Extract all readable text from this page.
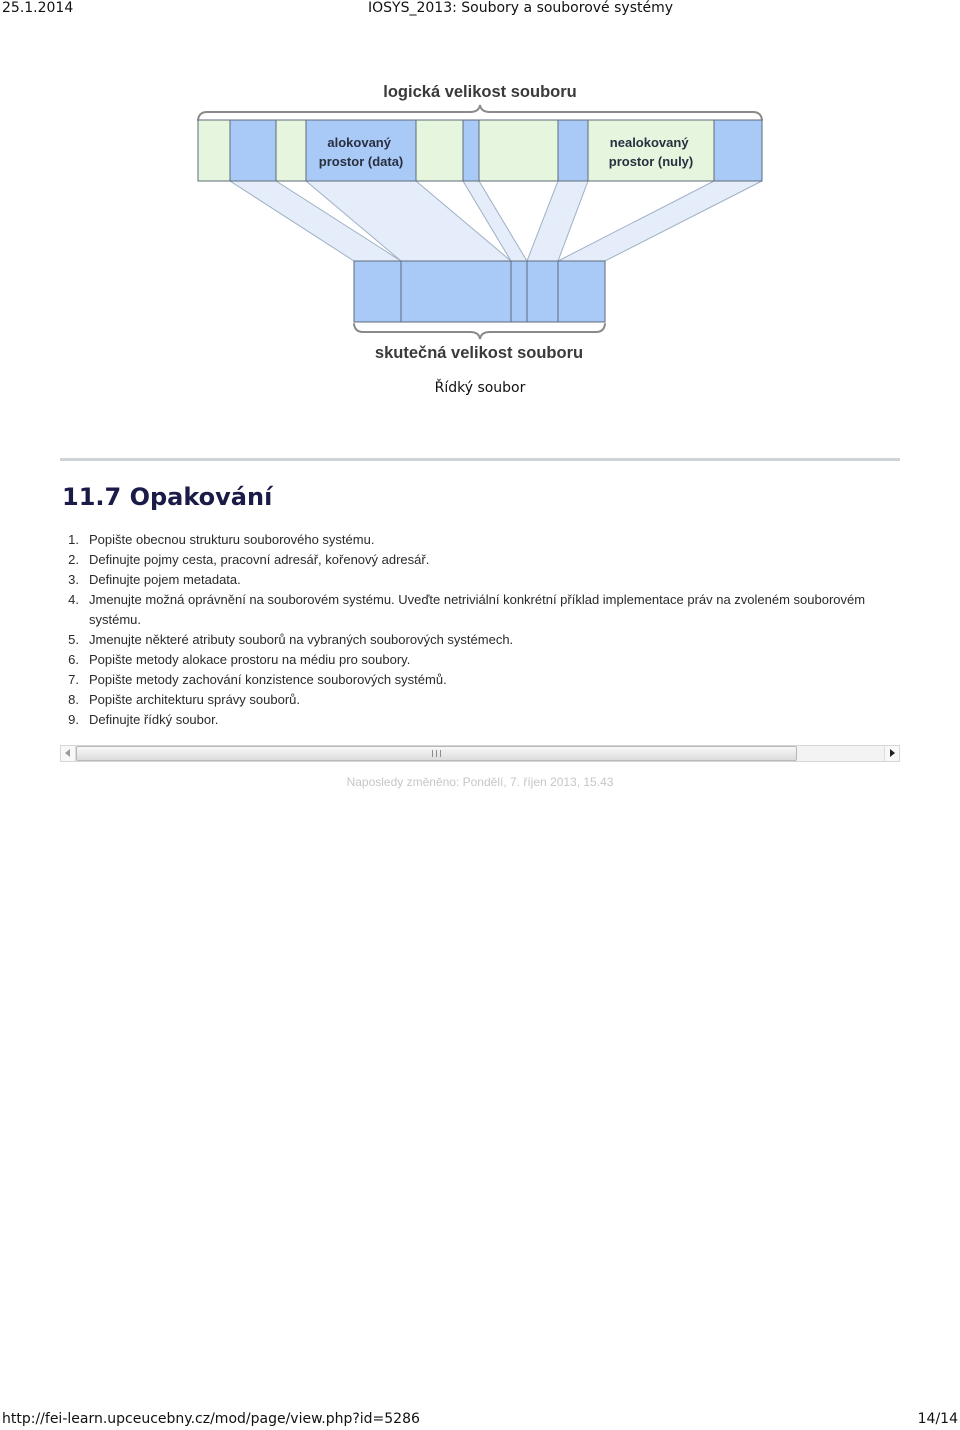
25.1.2014	IOSYS_2013: Soubory a souborové systémy
logická velikost souboru
alokovaný prostor (data)
nealokovaný prostor (nuly)
skutečná velikost souboru
Řídký soubor
11.7 Opakování
1. Popište obecnou strukturu souborového systému.
2. Definujte pojmy cesta, pracovní adresář, kořenový adresář.
3. Definujte pojem metadata.
4. Jmenujte možná oprávnění na souborovém systému. Uveďte netriviální konkrétní příklad implementace práv na zvoleném souborovém systému.
5. Jmenujte některé atributy souborů na vybraných souborových systémech.
6. Popište metody alokace prostoru na médiu pro soubory.
7. Popište metody zachování konzistence souborových systémů.
8. Popište architekturu správy souborů.
9. Definujte řídký soubor.
Naposledy změněno: Pondělí, 7. říjen 2013, 15.43
http://fei-learn.upceucebny.cz/mod/page/view.php?id=5286	14/14
